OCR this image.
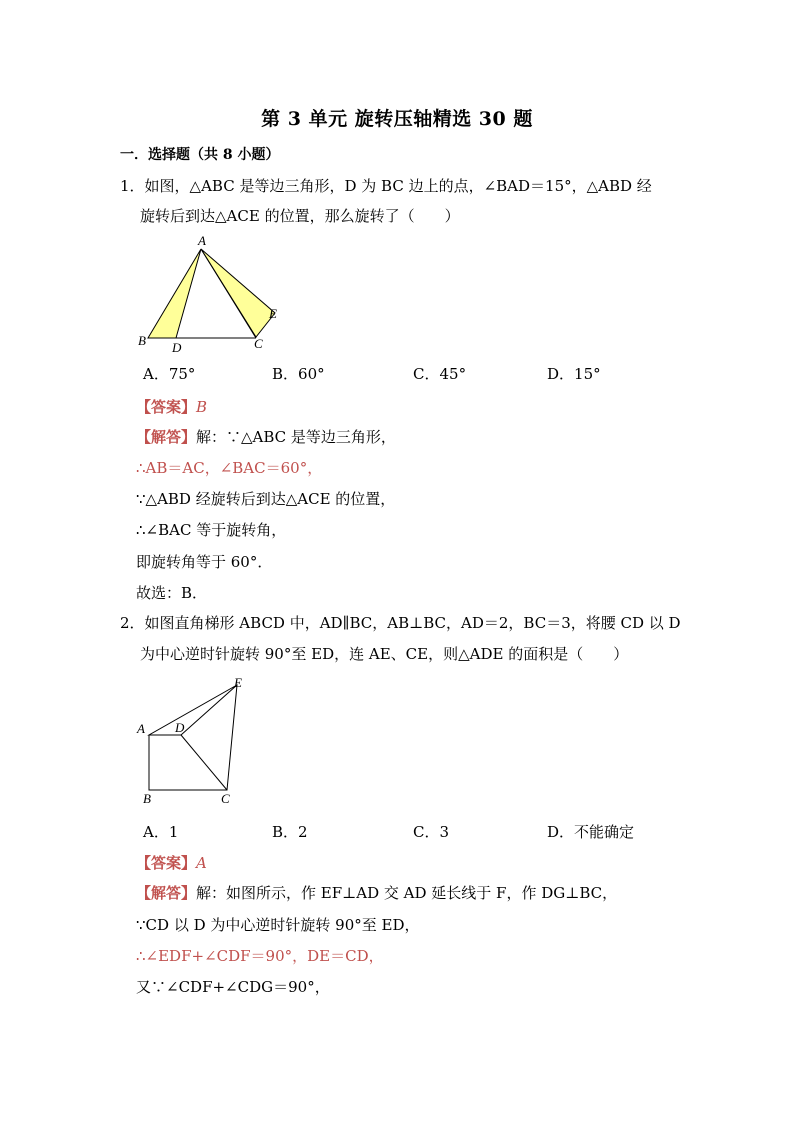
第 3 单元 旋转压轴精选 30 题
一．选择题（共 8 小题）
1．如图，△ABC 是等边三角形，D 为 BC 边上的点，∠BAD＝15°，△ABD 经
旋转后到达△ACE 的位置，那么旋转了（　　）
A
B D	C
E
A．75°	B．60°	C．45°	D．15°
【答案】B
【解答】解：∵△ABC 是等边三角形，
∴AB＝AC，∠BAC＝60°，
∵△ABD 经旋转后到达△ACE 的位置，
∴∠BAC 等于旋转角，
即旋转角等于 60°．
故选：B．
2．如图直角梯形 ABCD 中，AD∥BC，AB⊥BC，AD＝2，BC＝3，将腰 CD 以 D
为中心逆时针旋转 90°至 ED，连 AE、CE，则△ADE 的面积是（　　）
E
A D
B	C
A．1	B．2	C．3	D．不能确定
【答案】A
【解答】解：如图所示，作 EF⊥AD 交 AD 延长线于 F，作 DG⊥BC，
∵CD 以 D 为中心逆时针旋转 90°至 ED，
∴∠EDF+∠CDF＝90°，DE＝CD，
又∵∠CDF+∠CDG＝90°，
